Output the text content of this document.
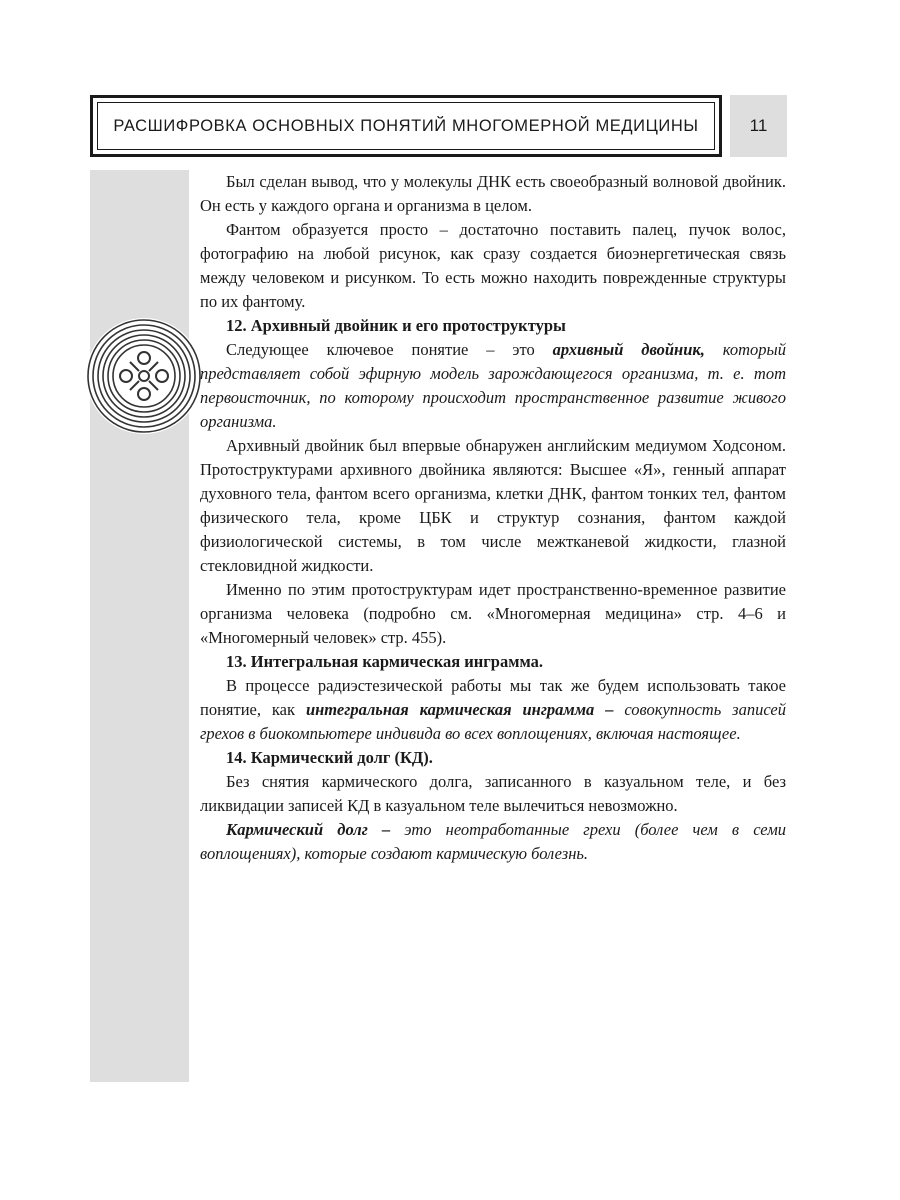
РАСШИФРОВКА ОСНОВНЫХ ПОНЯТИЙ МНОГОМЕРНОЙ МЕДИЦИНЫ	11

Был сделан вывод, что у молекулы ДНК есть своеобразный волновой двойник. Он есть у каждого органа и организма в целом.

Фантом образуется просто – достаточно поставить палец, пучок волос, фотографию на любой рисунок, как сразу создается биоэнергетическая связь между человеком и рисунком. То есть можно находить поврежденные структуры по их фантому.

12. Архивный двойник и его протоструктуры

Следующее ключевое понятие – это архивный двойник, который представляет собой эфирную модель зарождающегося организма, т. е. тот первоисточник, по которому происходит пространственное развитие живого организма.

Архивный двойник был впервые обнаружен английским медиумом Ходсоном. Протоструктурами архивного двойника являются: Высшее «Я», генный аппарат духовного тела, фантом всего организма, клетки ДНК, фантом тонких тел, фантом физического тела, кроме ЦБК и структур сознания, фантом каждой физиологической системы, в том числе межтканевой жидкости, глазной стекловидной жидкости.

Именно по этим протоструктурам идет пространственно-временное развитие организма человека (подробно см. «Многомерная медицина» стр. 4–6 и «Многомерный человек» стр. 455).

13. Интегральная кармическая инграмма.

В процессе радиэстезической работы мы так же будем использовать такое понятие, как интегральная кармическая инграмма – совокупность записей грехов в биокомпьютере индивида во всех воплощениях, включая настоящее.

14. Кармический долг (КД).

Без снятия кармического долга, записанного в казуальном теле, и без ликвидации записей КД в казуальном теле вылечиться невозможно.

Кармический долг – это неотработанные грехи (более чем в семи воплощениях), которые создают кармическую болезнь.
